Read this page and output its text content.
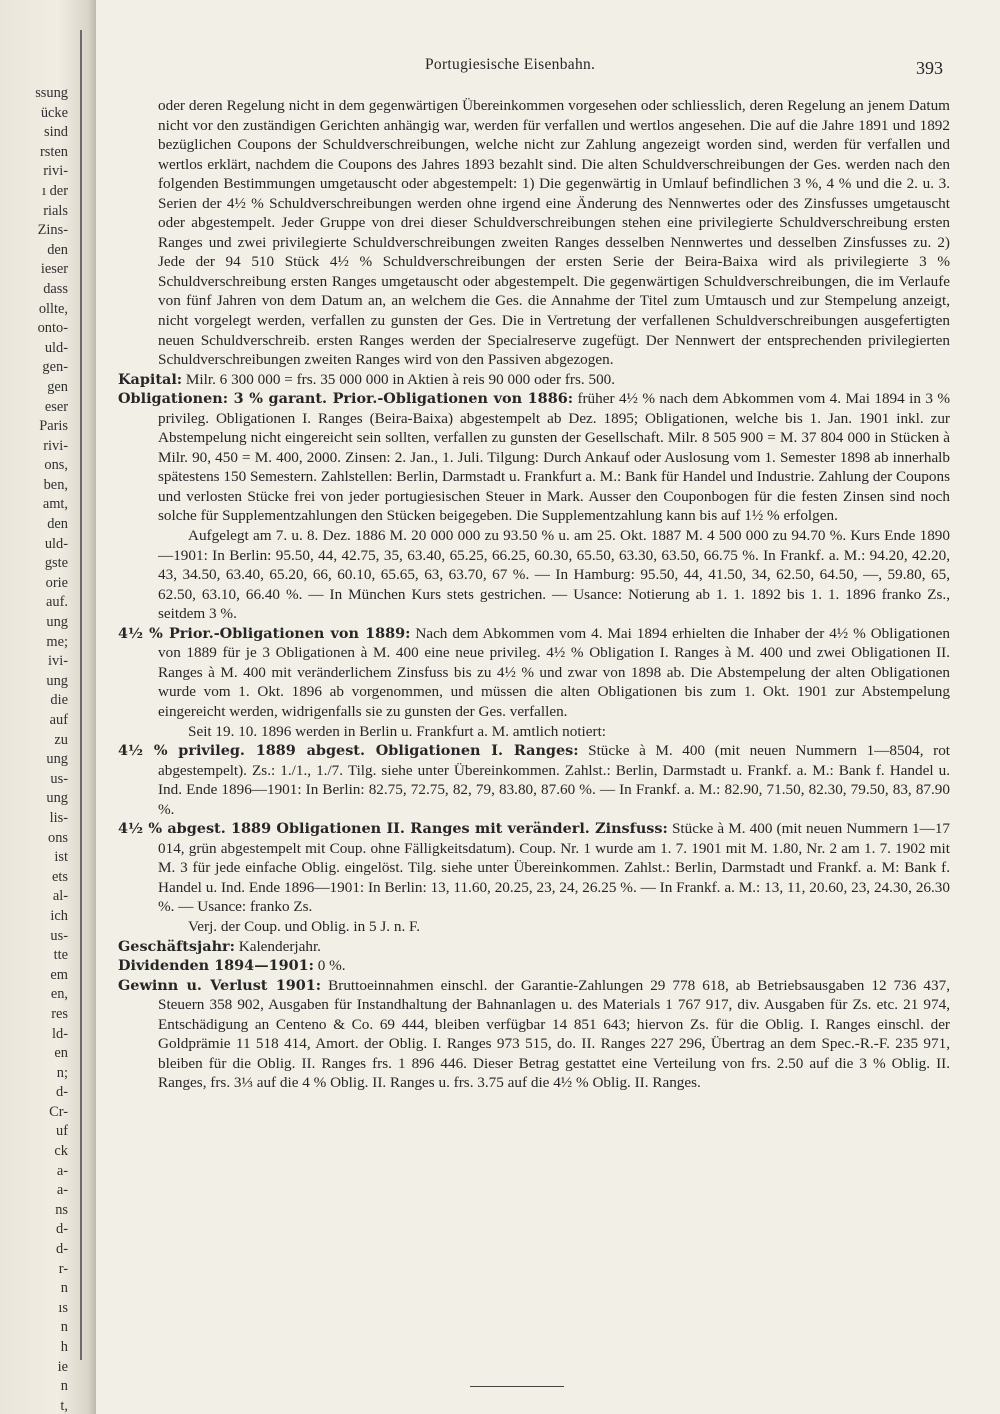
ssung
ücke
sind
rsten
rivi-
ı der
rials
Zins-
den
ieser
dass
ollte,
onto-
uld-
gen-
gen
eser
Paris
rivi-
ons,
ben,
amt,
den
uld-
gste
orie
auf.
ung
me;
ivi-
ung
die
auf
zu
ung
us-
ung
lis-
ons
ist
ets
al-
ich
us-
tte
em
en,
res
ld-
en
n;
d-
Cr-
uf
ck
a-
a-
ns
d-
d-
r-
n
ıs
n
h
ie
n
t,
Portugiesische Eisenbahn.	393

oder deren Regelung nicht in dem gegenwärtigen Übereinkommen vorgesehen oder schliesslich, deren Regelung an jenem Datum nicht vor den zuständigen Gerichten anhängig war, werden für verfallen und wertlos angesehen. Die auf die Jahre 1891 und 1892 bezüglichen Coupons der Schuldverschreibungen, welche nicht zur Zahlung angezeigt worden sind, werden für verfallen und wertlos erklärt, nachdem die Coupons des Jahres 1893 bezahlt sind. Die alten Schuldverschreibungen der Ges. werden nach den folgenden Bestimmungen umgetauscht oder abgestempelt: 1) Die gegenwärtig in Umlauf befindlichen 3 %, 4 % und die 2. u. 3. Serien der 4½ % Schuldverschreibungen werden ohne irgend eine Änderung des Nennwertes oder des Zinsfusses umgetauscht oder abgestempelt. Jeder Gruppe von drei dieser Schuldverschreibungen stehen eine privilegierte Schuldverschreibung ersten Ranges und zwei privilegierte Schuldverschreibungen zweiten Ranges desselben Nennwertes und desselben Zinsfusses zu. 2) Jede der 94 510 Stück 4½ % Schuldverschreibungen der ersten Serie der Beira-Baixa wird als privilegierte 3 % Schuldverschreibung ersten Ranges umgetauscht oder abgestempelt. Die gegenwärtigen Schuldverschreibungen, die im Verlaufe von fünf Jahren von dem Datum an, an welchem die Ges. die Annahme der Titel zum Umtausch und zur Stempelung anzeigt, nicht vorgelegt werden, verfallen zu gunsten der Ges. Die in Vertretung der verfallenen Schuldverschreibungen ausgefertigten neuen Schuldverschreib. ersten Ranges werden der Specialreserve zugefügt. Der Nennwert der entsprechenden privilegierten Schuldverschreibungen zweiten Ranges wird von den Passiven abgezogen.

Kapital: Milr. 6 300 000 = frs. 35 000 000 in Aktien à reis 90 000 oder frs. 500.

Obligationen: 3 % garant. Prior.-Obligationen von 1886: früher 4½ % nach dem Abkommen vom 4. Mai 1894 in 3 % privileg. Obligationen I. Ranges (Beira-Baixa) abgestempelt ab Dez. 1895; Obligationen, welche bis 1. Jan. 1901 inkl. zur Abstempelung nicht eingereicht sein sollten, verfallen zu gunsten der Gesellschaft. Milr. 8 505 900 = M. 37 804 000 in Stücken à Milr. 90, 450 = M. 400, 2000. Zinsen: 2. Jan., 1. Juli. Tilgung: Durch Ankauf oder Auslosung vom 1. Semester 1898 ab innerhalb spätestens 150 Semestern. Zahlstellen: Berlin, Darmstadt u. Frankfurt a. M.: Bank für Handel und Industrie. Zahlung der Coupons und verlosten Stücke frei von jeder portugiesischen Steuer in Mark. Ausser den Couponbogen für die festen Zinsen sind noch solche für Supplementzahlungen den Stücken beigegeben. Die Supplementzahlung kann bis auf 1½ % erfolgen.

Aufgelegt am 7. u. 8. Dez. 1886 M. 20 000 000 zu 93.50 % u. am 25. Okt. 1887 M. 4 500 000 zu 94.70 %. Kurs Ende 1890—1901: In Berlin: 95.50, 44, 42.75, 35, 63.40, 65.25, 66.25, 60.30, 65.50, 63.30, 63.50, 66.75 %. In Frankf. a. M.: 94.20, 42.20, 43, 34.50, 63.40, 65.20, 66, 60.10, 65.65, 63, 63.70, 67 %. — In Hamburg: 95.50, 44, 41.50, 34, 62.50, 64.50, —, 59.80, 65, 62.50, 63.10, 66.40 %. — In München Kurs stets gestrichen. — Usance: Notierung ab 1. 1. 1892 bis 1. 1. 1896 franko Zs., seitdem 3 %.

4½ % Prior.-Obligationen von 1889: Nach dem Abkommen vom 4. Mai 1894 erhielten die Inhaber der 4½ % Obligationen von 1889 für je 3 Obligationen à M. 400 eine neue privileg. 4½ % Obligation I. Ranges à M. 400 und zwei Obligationen II. Ranges à M. 400 mit veränderlichem Zinsfuss bis zu 4½ % und zwar von 1898 ab. Die Abstempelung der alten Obligationen wurde vom 1. Okt. 1896 ab vorgenommen, und müssen die alten Obligationen bis zum 1. Okt. 1901 zur Abstempelung eingereicht werden, widrigenfalls sie zu gunsten der Ges. verfallen.

Seit 19. 10. 1896 werden in Berlin u. Frankfurt a. M. amtlich notiert:

4½ % privileg. 1889 abgest. Obligationen I. Ranges: Stücke à M. 400 (mit neuen Nummern 1—8504, rot abgestempelt). Zs.: 1./1., 1./7. Tilg. siehe unter Übereinkommen. Zahlst.: Berlin, Darmstadt u. Frankf. a. M.: Bank f. Handel u. Ind. Ende 1896—1901: In Berlin: 82.75, 72.75, 82, 79, 83.80, 87.60 %. — In Frankf. a. M.: 82.90, 71.50, 82.30, 79.50, 83, 87.90 %.

4½ % abgest. 1889 Obligationen II. Ranges mit veränderl. Zinsfuss: Stücke à M. 400 (mit neuen Nummern 1—17 014, grün abgestempelt mit Coup. ohne Fälligkeitsdatum). Coup. Nr. 1 wurde am 1. 7. 1901 mit M. 1.80, Nr. 2 am 1. 7. 1902 mit M. 3 für jede einfache Oblig. eingelöst. Tilg. siehe unter Übereinkommen. Zahlst.: Berlin, Darmstadt und Frankf. a. M: Bank f. Handel u. Ind. Ende 1896—1901: In Berlin: 13, 11.60, 20.25, 23, 24, 26.25 %. — In Frankf. a. M.: 13, 11, 20.60, 23, 24.30, 26.30 %. — Usance: franko Zs.

Verj. der Coup. und Oblig. in 5 J. n. F.

Geschäftsjahr: Kalenderjahr.

Dividenden 1894—1901: 0 %.

Gewinn u. Verlust 1901: Bruttoeinnahmen einschl. der Garantie-Zahlungen 29 778 618, ab Betriebsausgaben 12 736 437, Steuern 358 902, Ausgaben für Instandhaltung der Bahnanlagen u. des Materials 1 767 917, div. Ausgaben für Zs. etc. 21 974, Entschädigung an Centeno & Co. 69 444, bleiben verfügbar 14 851 643; hiervon Zs. für die Oblig. I. Ranges einschl. der Goldprämie 11 518 414, Amort. der Oblig. I. Ranges 973 515, do. II. Ranges 227 296, Übertrag an dem Spec.-R.-F. 235 971, bleiben für die Oblig. II. Ranges frs. 1 896 446. Dieser Betrag gestattet eine Verteilung von frs. 2.50 auf die 3 % Oblig. II. Ranges, frs. 3⅓ auf die 4 % Oblig. II. Ranges u. frs. 3.75 auf die 4½ % Oblig. II. Ranges.
